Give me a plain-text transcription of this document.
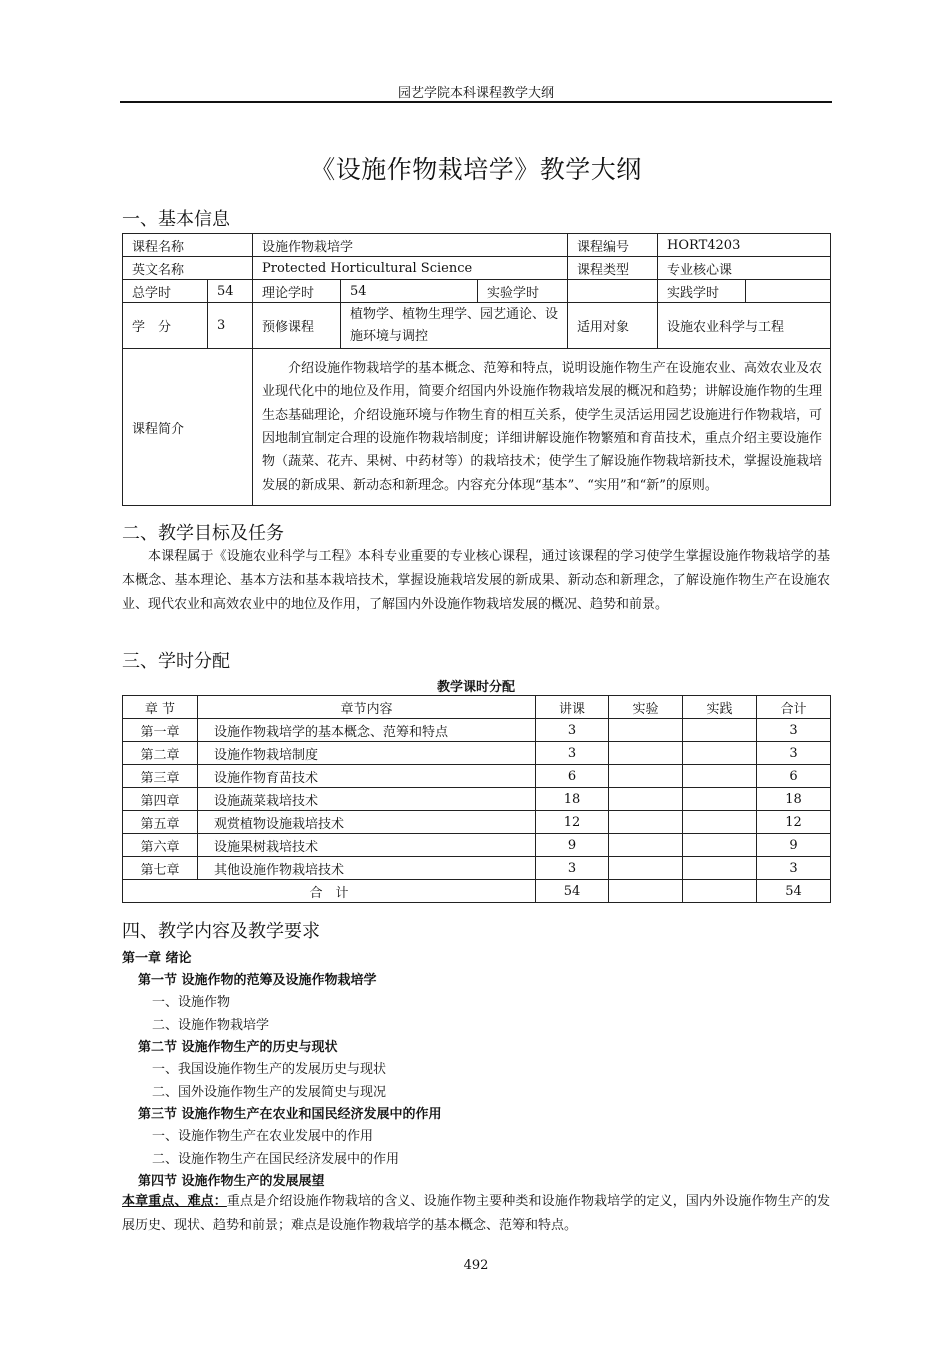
园艺学院本科课程教学大纲
《设施作物栽培学》教学大纲
一、基本信息
课程名称		设施作物栽培学			课程编号	HORT4203	
英文名称		Protected Horticultural Science			课程类型	专业核心课	
总学时	54	理论学时	54	实验学时		实践学时	
学　分	3	预修课程	植物学、植物生理学、园艺通论、设施环境与调控		适用对象	设施农业科学与工程	
课程简介		介绍设施作物栽培学的基本概念、范筹和特点，说明设施作物生产在设施农业、高效农业及农业现代化中的地位及作用，简要介绍国内外设施作物栽培发展的概况和趋势；讲解设施作物的生理生态基础理论，介绍设施环境与作物生育的相互关系，使学生灵活运用园艺设施进行作物栽培，可因地制宜制定合理的设施作物栽培制度；详细讲解设施作物繁殖和育苗技术，重点介绍主要设施作物（蔬菜、花卉、果树、中药材等）的栽培技术；使学生了解设施作物栽培新技术，掌握设施栽培发展的新成果、新动态和新理念。内容充分体现“基本”、“实用”和“新”的原则。					
二、教学目标及任务
本课程属于《设施农业科学与工程》本科专业重要的专业核心课程，通过该课程的学习使学生掌握设施作物栽培学的基本概念、基本理论、基本方法和基本栽培技术，掌握设施栽培发展的新成果、新动态和新理念，了解设施作物生产在设施农业、现代农业和高效农业中的地位及作用，了解国内外设施作物栽培发展的概况、趋势和前景。
三、学时分配
教学课时分配
章 节	章节内容	讲课	实验	实践	合计
第一章	设施作物栽培学的基本概念、范筹和特点	3			3
第二章	设施作物栽培制度	3			3
第三章	设施作物育苗技术	6			6
第四章	设施蔬菜栽培技术	18			18
第五章	观赏植物设施栽培技术	12			12
第六章	设施果树栽培技术	9			9
第七章	其他设施作物栽培技术	3			3
合　计		54			54
四、教学内容及教学要求
第一章 绪论
第一节 设施作物的范筹及设施作物栽培学
一、设施作物
二、设施作物栽培学
第二节 设施作物生产的历史与现状
一、我国设施作物生产的发展历史与现状
二、国外设施作物生产的发展简史与现况
第三节 设施作物生产在农业和国民经济发展中的作用
一、设施作物生产在农业发展中的作用
二、设施作物生产在国民经济发展中的作用
第四节 设施作物生产的发展展望
本章重点、难点：重点是介绍设施作物栽培的含义、设施作物主要种类和设施作物栽培学的定义，国内外设施作物生产的发展历史、现状、趋势和前景；难点是设施作物栽培学的基本概念、范筹和特点。
492
